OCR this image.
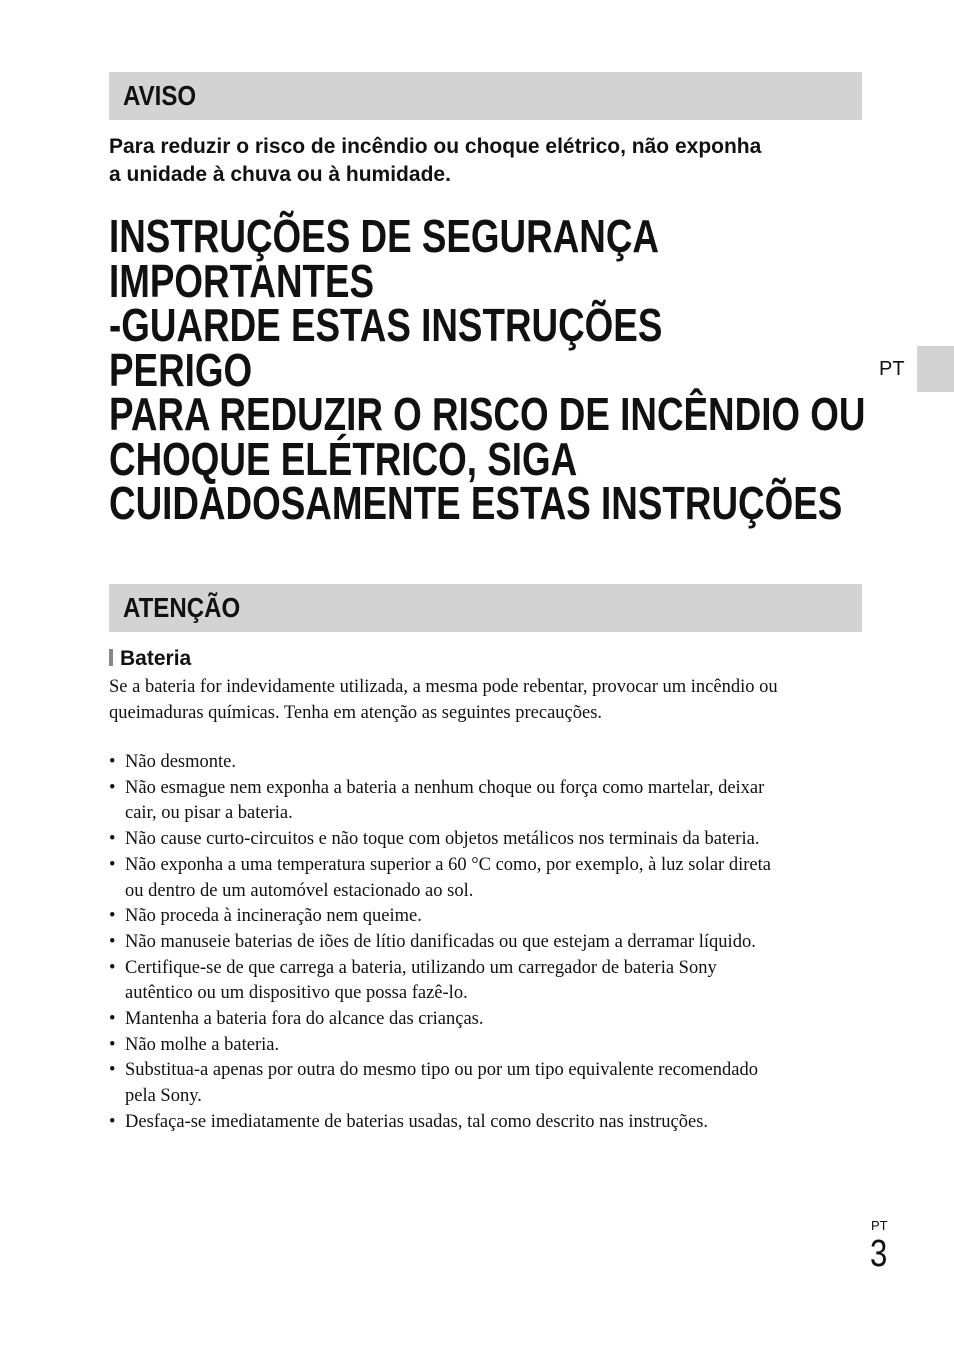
AVISO

Para reduzir o risco de incêndio ou choque elétrico, não exponha
a unidade à chuva ou à humidade.

INSTRUÇÕES DE SEGURANÇA
IMPORTANTES
-GUARDE ESTAS INSTRUÇÕES
PERIGO
PARA REDUZIR O RISCO DE INCÊNDIO OU
CHOQUE ELÉTRICO, SIGA
CUIDADOSAMENTE ESTAS INSTRUÇÕES
ATENÇÃO
Bateria

Se a bateria for indevidamente utilizada, a mesma pode rebentar, provocar um incêndio ou
queimaduras químicas. Tenha em atenção as seguintes precauções.

• Não desmonte.
• Não esmague nem exponha a bateria a nenhum choque ou força como martelar, deixar
cair, ou pisar a bateria.
• Não cause curto-circuitos e não toque com objetos metálicos nos terminais da bateria.
• Não exponha a uma temperatura superior a 60 °C como, por exemplo, à luz solar direta
ou dentro de um automóvel estacionado ao sol.
• Não proceda à incineração nem queime.
• Não manuseie baterias de iões de lítio danificadas ou que estejam a derramar líquido.
• Certifique-se de que carrega a bateria, utilizando um carregador de bateria Sony
autêntico ou um dispositivo que possa fazê-lo.
• Mantenha a bateria fora do alcance das crianças.
• Não molhe a bateria.
• Substitua-a apenas por outra do mesmo tipo ou por um tipo equivalente recomendado
pela Sony.
• Desfaça-se imediatamente de baterias usadas, tal como descrito nas instruções.
PT
PT
3
